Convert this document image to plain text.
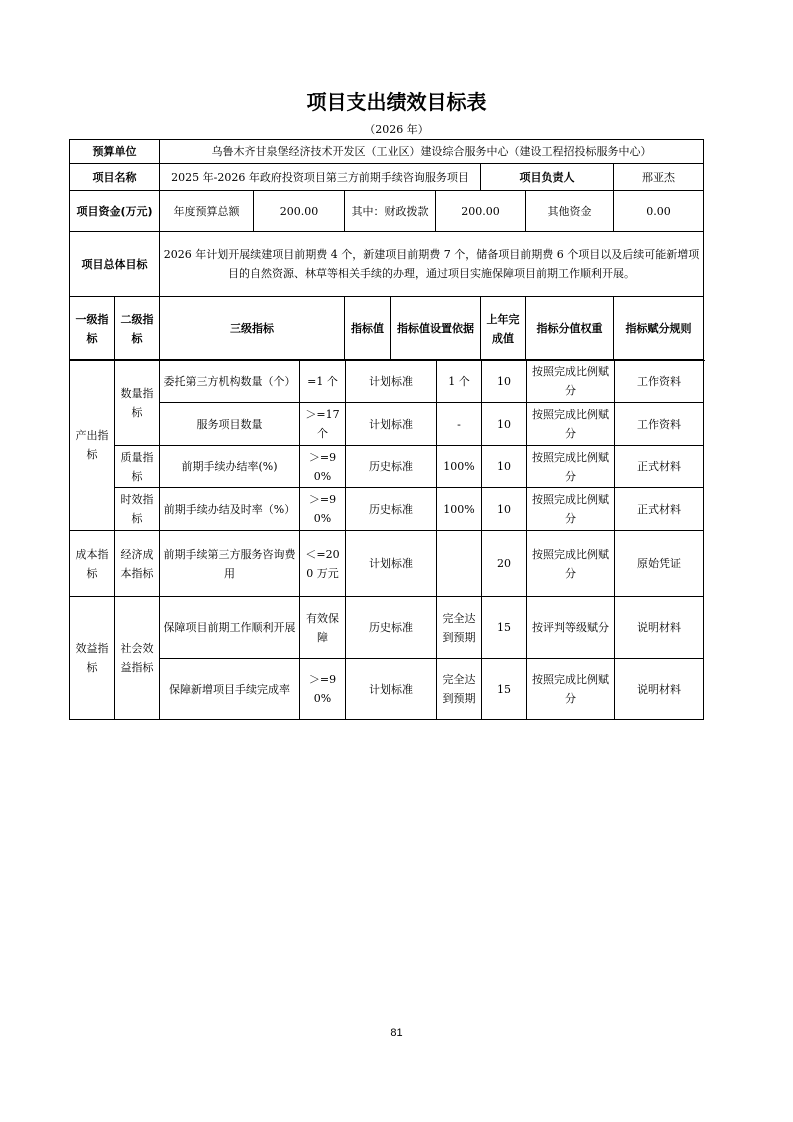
项目支出绩效目标表
（2026 年）
预算单位		乌鲁木齐甘泉堡经济技术开发区（工业区）建设综合服务中心（建设工程招投标服务中心）							
项目名称		2025 年-2026 年政府投资项目第三方前期手续咨询服务项目					项目负责人		邢亚杰
项目资金(万元)		年度预算总额	200.00	其中：财政拨款		200.00		其他资金	0.00
项目总体目标		2026 年计划开展续建项目前期费 4 个，新建项目前期费 7 个，储备项目前期费 6 个项目以及后续可能新增项目的自然资源、林草等相关手续的办理，通过项目实施保障项目前期工作顺利开展。							
一级指标	二级指标	三级指标		指标值	指标值设置依据		上年完成值	指标分值权重	指标赋分规则
产出指标	数量指标	委托第三方机构数量（个）	=1 个	计划标准	1 个	10	按照完成比例赋分	工作资料
		服务项目数量	＞=17 个	计划标准	-	10	按照完成比例赋分	工作资料
	质量指标	前期手续办结率(%)	＞=90%	历史标准	100%	10	按照完成比例赋分	正式材料
	时效指标	前期手续办结及时率（%）	＞=90%	历史标准	100%	10	按照完成比例赋分	正式材料
成本指标	经济成本指标	前期手续第三方服务咨询费用	＜=200 万元	计划标准		20	按照完成比例赋分	原始凭证
效益指标	社会效益指标	保障项目前期工作顺利开展	有效保障	历史标准	完全达到预期	15	按评判等级赋分	说明材料
		保障新增项目手续完成率	＞=90%	计划标准	完全达到预期	15	按照完成比例赋分	说明材料
81
